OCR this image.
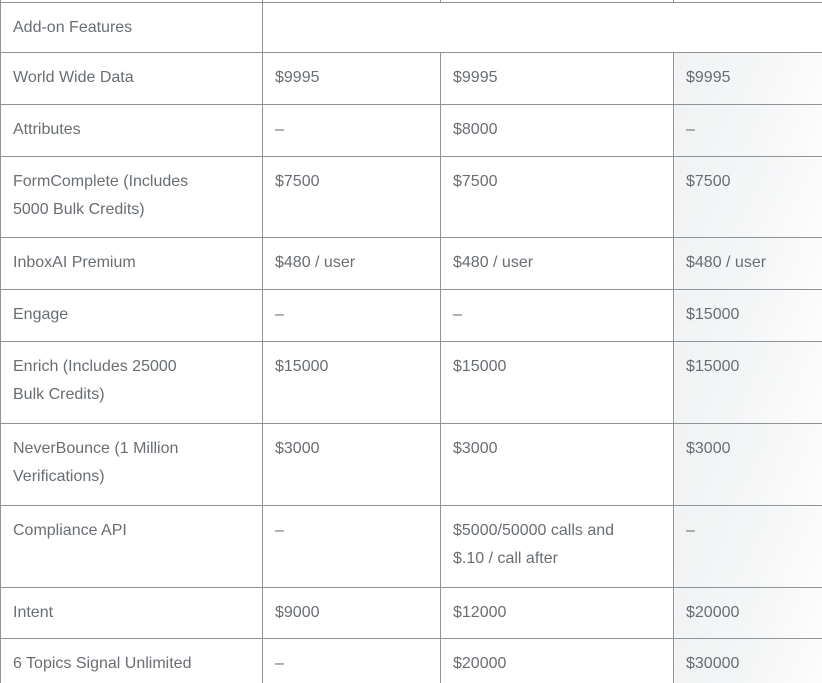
Add-on Features			
World Wide Data	$9995	$9995	$9995
Attributes	–	$8000	–
FormComplete (Includes 5000 Bulk Credits)	$7500	$7500	$7500
InboxAI Premium	$480 / user	$480 / user	$480 / user
Engage	–	–	$15000
Enrich (Includes 25000 Bulk Credits)	$15000	$15000	$15000
NeverBounce (1 Million Verifications)	$3000	$3000	$3000
Compliance API	–	$5000/50000 calls and $.10 / call after	–
Intent	$9000	$12000	$20000
6 Topics Signal Unlimited	–	$20000	$30000
